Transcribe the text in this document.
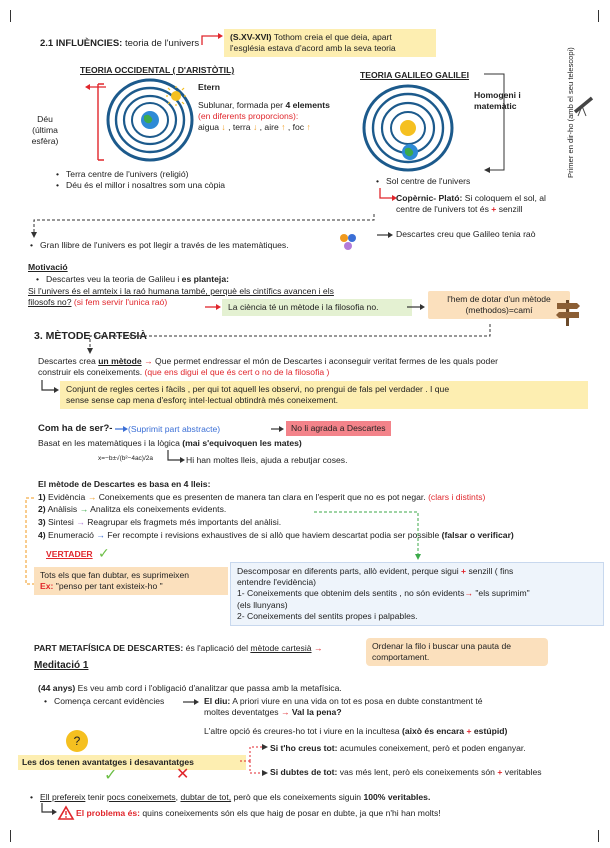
2.1 INFLUÈNCIES: teoria de l'univers
(S.XV-XVI) Tothom creia el que deia, apart
l'església estava d'acord amb la seva teoria
TEORIA OCCIDENTAL ( D'ARISTÒTIL)
Etern
Déu
(última esfèra)
Sublunar, formada per 4 elements
(en diferents proporcions):
aigua ↓ , terra ↓ , aire ↑ , foc ↑
• Terra centre de l'univers (religió)
• Déu és el millor i nosaltres som una còpia
TEORIA GALILEO GALILEI
Homogeni i
matemàtic	Primer en dir-ho (amb el seu telescopi)
• Sol centre de l'univers
Copèrnic- Plató: Si coloquem el sol, al
centre de l'univers tot és + senzill
• Gran llibre de l'univers es pot llegir a través de les matemàtiques.
Descartes creu que Galileo tenia raò
Motivació
• Descartes veu la teoria de Galileu i es planteja:
Si l'univers és el amteix i la raó humana també, perquè els cintífics avancen i els
filosofs no? (si fem servir l'unica raó)	La ciència té un mètode i la filosofia no.
l'hem de dotar d'un mètode
(methodos)=camí
3. MÈTODE CARTESIÀ
Descartes crea un mètode → Que permet endressar el món de Descartes i aconseguir veritat fermes de les quals poder
construir els coneixements. (que ens digui el que és cert o no de la filosofia )
Conjunt de regles certes i fàcils , per qui tot aquell les observi, no prengui de fals pel verdader . I que
sense sense cap mena d'esforç intel·lectual obtindrà més coneixement.
Com ha de ser?- (Suprimit part abstracte)	No li agrada a Descartes
Basat en les matemàtiques i la lògica (mai s'equivoquen les mates)
x=−b±√(b²−4ac)/2a	Hi han moltes lleis, ajuda a rebutjar coses.
El mètode de Descartes es basa en 4 lleis:
1) Evidència → Coneixements que es presenten de manera tan clara en l'esperit que no es pot negar. (clars i distints)
2) Anàlisis → Analitza els coneixements evidents.
3) Sintesi → Reagrupar els fragmets més importants del anàlisi.
4) Enumeració → Fer recompte i revisions exhaustives de si allò que haviem descartat podia ser possible (falsar o verificar)
VERTADER ✓
Tots els que fan dubtar, es suprimeixen
Ex: "penso per tant existeix-ho "
Descomposar en diferents parts, allò evident, perque sigui + senzill ( fins
entendre l'evidència)
1- Coneixements que obtenim dels sentits , no són evidents→ "els suprimim"
(els llunyans)
2- Coneixements del sentits propes i palpables.
PART METAFÍSICA DE DESCARTES: és l'aplicació del mètode cartesià →	Ordenar la filo i buscar una pauta de
comportament.
Meditació 1
(44 anys) Es veu amb cord i l'obligació d'analitzar que passa amb la metafísica.
• Comença cercant evidències	El diu: A priori viure en una vida on tot es posa en dubte constantment té
moltes deventatges → Val la pena?
L'altre opció és creures-ho tot i viure en la incultesa (això és encara + estúpid)
?
Les dos tenen avantatges i desavantatges
Si t'ho creus tot: acumules coneixement, però et poden enganyar.
Si dubtes de tot: vas més lent, però els coneixements són + veritables
✓	✕
• Ell prefereix tenir pocs coneixemets, dubtar de tot, però que els coneixements siguin 100% veritables.
El problema és: quins coneixements són els que haig de posar en dubte, ja que n'hi han molts!
